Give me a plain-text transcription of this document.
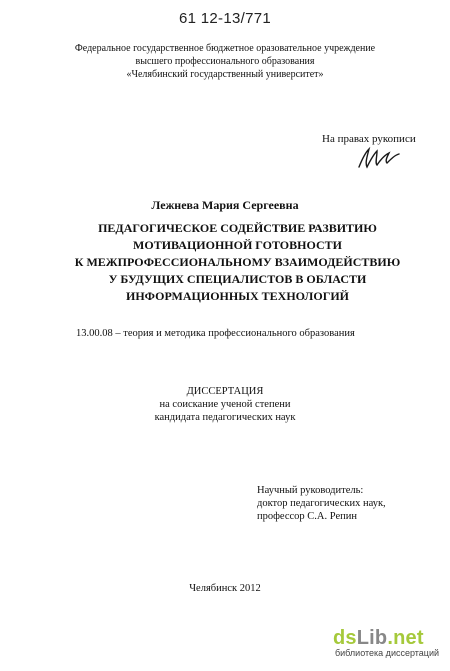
61 12-13/771
Федеральное государственное бюджетное оразовательное учреждение
высшего профессионального образования
«Челябинский государственный университет»
На правах рукописи
Лежнева Мария Сергеевна
ПЕДАГОГИЧЕСКОЕ СОДЕЙСТВИЕ РАЗВИТИЮ
МОТИВАЦИОННОЙ ГОТОВНОСТИ
К МЕЖПРОФЕССИОНАЛЬНОМУ ВЗАИМОДЕЙСТВИЮ
У БУДУЩИХ СПЕЦИАЛИСТОВ В ОБЛАСТИ
ИНФОРМАЦИОННЫХ ТЕХНОЛОГИЙ
13.00.08 – теория и методика профессионального образования
ДИССЕРТАЦИЯ
на соискание ученой степени
кандидата педагогических наук
Научный руководитель:
доктор педагогических наук,
профессор С.А. Репин
Челябинск 2012
dsLib.net
библиотека диссертаций
